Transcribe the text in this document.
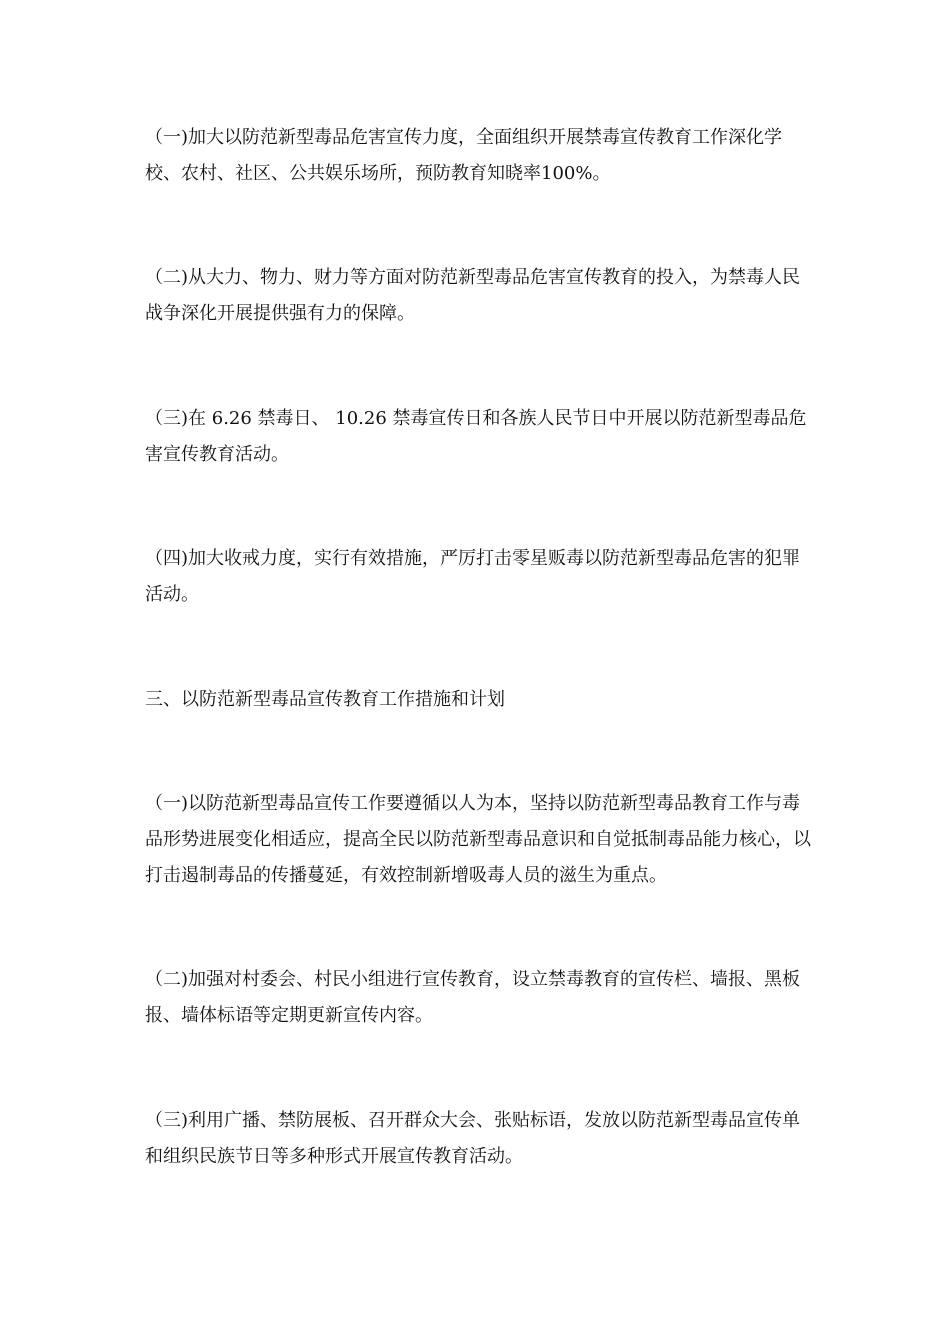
（一)加大以防范新型毒品危害宣传力度，全面组织开展禁毒宣传教育工作深化学校、农村、社区、公共娱乐场所，预防教育知晓率100%。

（二)从大力、物力、财力等方面对防范新型毒品危害宣传教育的投入，为禁毒人民战争深化开展提供强有力的保障。

（三)在 6.26 禁毒日、 10.26 禁毒宣传日和各族人民节日中开展以防范新型毒品危害宣传教育活动。

（四)加大收戒力度，实行有效措施，严厉打击零星贩毒以防范新型毒品危害的犯罪活动。

三、以防范新型毒品宣传教育工作措施和计划

（一)以防范新型毒品宣传工作要遵循以人为本，坚持以防范新型毒品教育工作与毒品形势进展变化相适应，提高全民以防范新型毒品意识和自觉抵制毒品能力核心，以打击遏制毒品的传播蔓延，有效控制新增吸毒人员的滋生为重点。

（二)加强对村委会、村民小组进行宣传教育，设立禁毒教育的宣传栏、墙报、黑板报、墙体标语等定期更新宣传内容。

（三)利用广播、禁防展板、召开群众大会、张贴标语，发放以防范新型毒品宣传单和组织民族节日等多种形式开展宣传教育活动。
